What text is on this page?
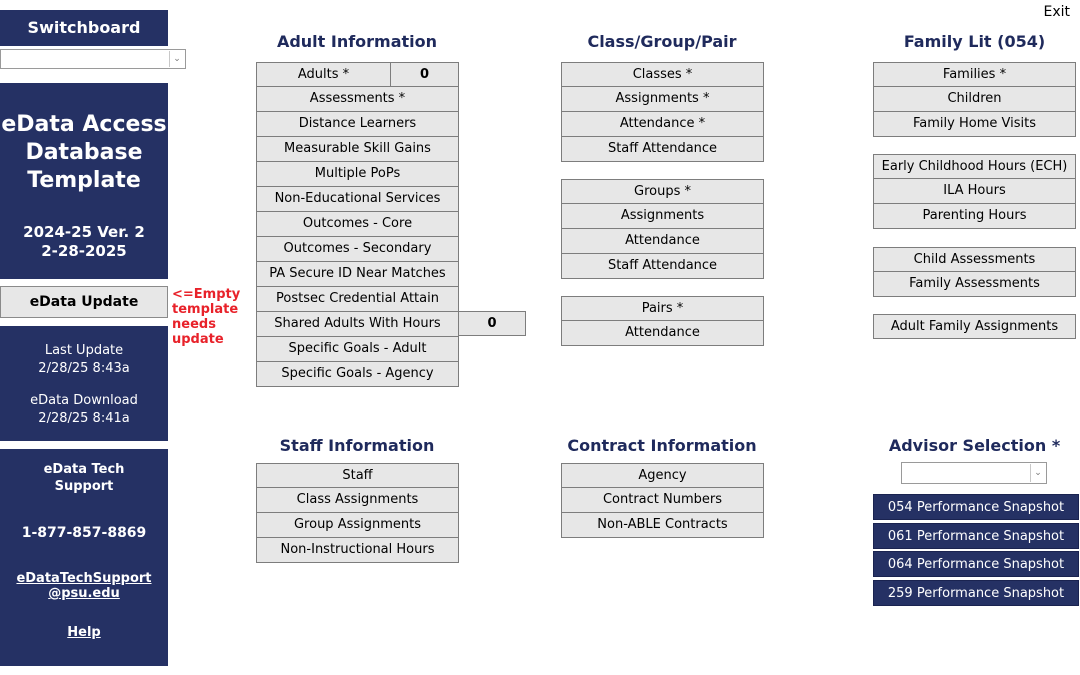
Switchboard
⌄
eData Access Database Template
2024-25 Ver. 2
2-28-2025
eData Update	<=Empty template needs update
Last Update
2/28/25 8:43a
eData Download
2/28/25 8:41a
eData Tech Support
1-877-857-8869
eDataTechSupport
@psu.edu
Help
Exit
Adult Information
Adults *
Assessments *
Distance Learners
Measurable Skill Gains
Multiple PoPs
Non-Educational Services
Outcomes - Core
Outcomes - Secondary
PA Secure ID Near Matches
Postsec Credential Attain
Shared Adults With Hours
Specific Goals - Adult
Specific Goals - Agency
0
0
Class/Group/Pair
Classes *
Assignments *
Attendance *
Staff Attendance
Groups *
Assignments
Attendance
Staff Attendance
Pairs *
Attendance
Family Lit (054)
Families *
Children
Family Home Visits
Early Childhood Hours (ECH)
ILA Hours
Parenting Hours
Child Assessments
Family Assessments
Adult Family Assignments
Staff Information
Staff
Class Assignments
Group Assignments
Non-Instructional Hours
Contract Information
Agency
Contract Numbers
Non-ABLE Contracts
Advisor Selection *
⌄
054 Performance Snapshot
061 Performance Snapshot
064 Performance Snapshot
259 Performance Snapshot
